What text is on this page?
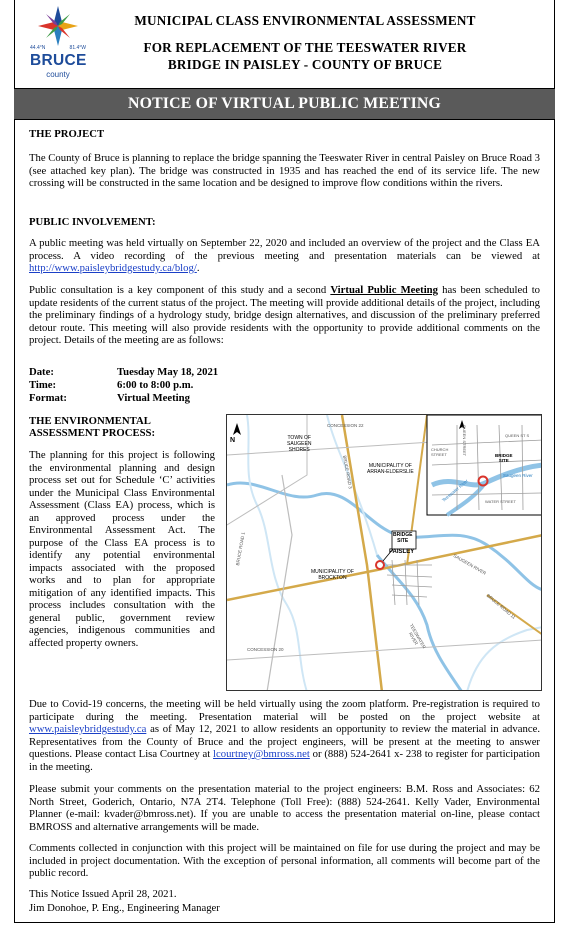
44.4°N	81.4°W
BRUCE
county
MUNICIPAL CLASS ENVIRONMENTAL ASSESSMENT
FOR REPLACEMENT OF THE TEESWATER RIVER
BRIDGE IN PAISLEY - COUNTY OF BRUCE
NOTICE OF VIRTUAL PUBLIC MEETING
THE PROJECT
The County of Bruce is planning to replace the bridge spanning the Teeswater River in central Paisley on Bruce Road 3 (see attached key plan). The bridge was constructed in 1935 and has reached the end of its service life. The new crossing will be constructed in the same location and be designed to improve flow conditions within the rivers.
PUBLIC INVOLVEMENT:
A public meeting was held virtually on September 22, 2020 and included an overview of the project and the Class EA process. A video recording of the previous meeting and presentation materials can be viewed at http://www.paisleybridgestudy.ca/blog/.
Public consultation is a key component of this study and a second Virtual Public Meeting has been scheduled to update residents of the current status of the project. The meeting will provide additional details of the project, including the preliminary findings of a hydrology study, bridge design alternatives, and discussion of the preliminary preferred detour route. This meeting will also provide residents with the opportunity to provide additional comments on the project. Details of the meeting are as follows:
Date:	Tuesday May 18, 2021
Time:	6:00 to 8:00 p.m.
Format:	Virtual Meeting
THE ENVIRONMENTAL
ASSESSMENT PROCESS:
The planning for this project is following the environmental planning and design process set out for Schedule ‘C’ activities under the Municipal Class Environmental Assessment (Class EA) process, which is an approved process under the Environmental Assessment Act. The purpose of the Class EA process is to identify any potential environmental impacts associated with the proposed works and to plan for appropriate mitigation of any identified impacts. This process includes consultation with the general public, government review agencies, indigenous communities and affected property owners.
N	TOWN OF
SAUGEEN
SHORES
MUNICIPALITY OF
ARRAN-ELDERSLIE
MUNICIPALITY OF
BROCKTON
PAISLEY
BRIDGE
SITE
CONCESSION 22
CONCESSION 20
BRUCE ROAD 3
BRUCE ROAD 11
BRUCE ROAD 1
TEESWATER
RIVER
SAUGEEN RIVER
BRIDGE
SITE
Saugeen River
Teeswater River
CHURCH
STREET
QUEEN ST S
WATER STREET
QUEEN STREET
Due to Covid-19 concerns, the meeting will be held virtually using the zoom platform. Pre-registration is required to participate during the meeting. Presentation material will be posted on the project website at www.paisleybridgestudy.ca as of May 12, 2021 to allow residents an opportunity to review the material in advance. Representatives from the County of Bruce and the project engineers, will be present at the meeting to answer questions. Please contact Lisa Courtney at lcourtney@bmross.net or (888) 524-2641 x- 238 to register for participation in the meeting.
Please submit your comments on the presentation material to the project engineers: B.M. Ross and Associates: 62 North Street, Goderich, Ontario, N7A 2T4. Telephone (Toll Free): (888) 524-2641. Kelly Vader, Environmental Planner (e-mail: kvader@bmross.net). If you are unable to access the presentation material on-line, please contact BMROSS and alternative arrangements will be made.
Comments collected in conjunction with this project will be maintained on file for use during the project and may be included in project documentation. With the exception of personal information, all comments will become part of the public record.
This Notice Issued April 28, 2021.
Jim Donohoe, P. Eng., Engineering Manager
